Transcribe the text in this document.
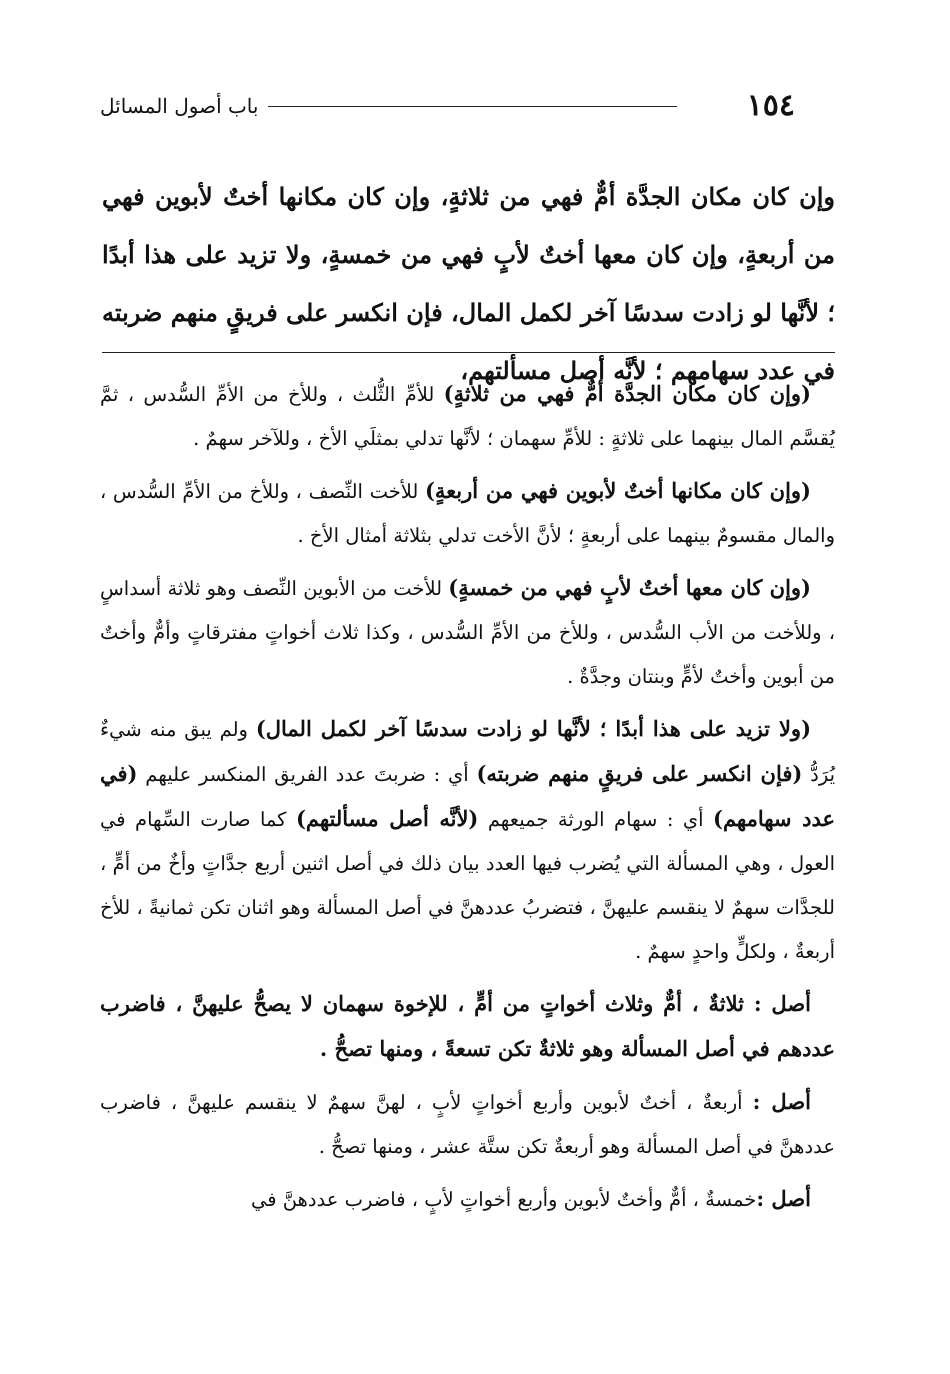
١٥٤
باب أصول المسائل

وإن كان مكان الجدَّة أمٌّ فهي من ثلاثةٍ، وإن كان مكانها أختٌ لأبوين فهي من أربعةٍ، وإن كان معها أختٌ لأبٍ فهي من خمسةٍ، ولا تزيد على هذا أبدًا ؛ لأنَّها لو زادت سدسًا آخر لكمل المال، فإن انكسر على فريقٍ منهم ضربته في عدد سهامهم ؛ لأنَّه أصل مسألتهم،

(وإن كان مكان الجدَّة أمٌّ فهي من ثلاثةٍ) للأمِّ الثُّلث ، وللأخ من الأمِّ السُّدس ، ثمَّ يُقسَّم المال بينهما على ثلاثةٍ : للأمِّ سهمان ؛ لأنَّها تدلي بمثلَي الأخ ، وللآخر سهمٌ .

(وإن كان مكانها أختٌ لأبوين فهي من أربعةٍ) للأخت النِّصف ، وللأخ من الأمِّ السُّدس ، والمال مقسومٌ بينهما على أربعةٍ ؛ لأنَّ الأخت تدلي بثلاثة أمثال الأخ .

(وإن كان معها أختٌ لأبٍ فهي من خمسةٍ) للأخت من الأبوين النِّصف وهو ثلاثة أسداسٍ ، وللأخت من الأب السُّدس ، وللأخ من الأمِّ السُّدس ، وكذا ثلاث أخواتٍ مفترقاتٍ وأمٌّ وأختٌ من أبوين وأختٌ لأمٍّ وبنتان وجدَّةٌ .

(ولا تزيد على هذا أبدًا ؛ لأنَّها لو زادت سدسًا آخر لكمل المال) ولم يبق منه شيءٌ يُرَدُّ (فإن انكسر على فريقٍ منهم ضربته) أي : ضربتَ عدد الفريق المنكسر عليهم (في عدد سهامهم) أي : سهام الورثة جميعهم (لأنَّه أصل مسألتهم) كما صارت السِّهام في العول ، وهي المسألة التي يُضرب فيها العدد بيان ذلك في أصل اثنين أربع جدَّاتٍ وأخٌ من أمٍّ ، للجدَّات سهمٌ لا ينقسم عليهنَّ ، فتضربُ عددهنَّ في أصل المسألة وهو اثنان تكن ثمانيةً ، للأخ أربعةٌ ، ولكلٍّ واحدٍ سهمٌ .

أصل : ثلاثةٌ ، أمٌّ وثلاث أخواتٍ من أمٍّ ، للإخوة سهمان لا يصحُّ عليهنَّ ، فاضرب عددهم في أصل المسألة وهو ثلاثةٌ تكن تسعةً ، ومنها تصحُّ .

أصل : أربعةٌ ، أختٌ لأبوين وأربع أخواتٍ لأبٍ ، لهنَّ سهمٌ لا ينقسم عليهنَّ ، فاضرب عددهنَّ في أصل المسألة وهو أربعةٌ تكن ستَّة عشر ، ومنها تصحُّ .

أصل :خمسةٌ ، أمٌّ وأختٌ لأبوين وأربع أخواتٍ لأبٍ ، فاضرب عددهنَّ في
